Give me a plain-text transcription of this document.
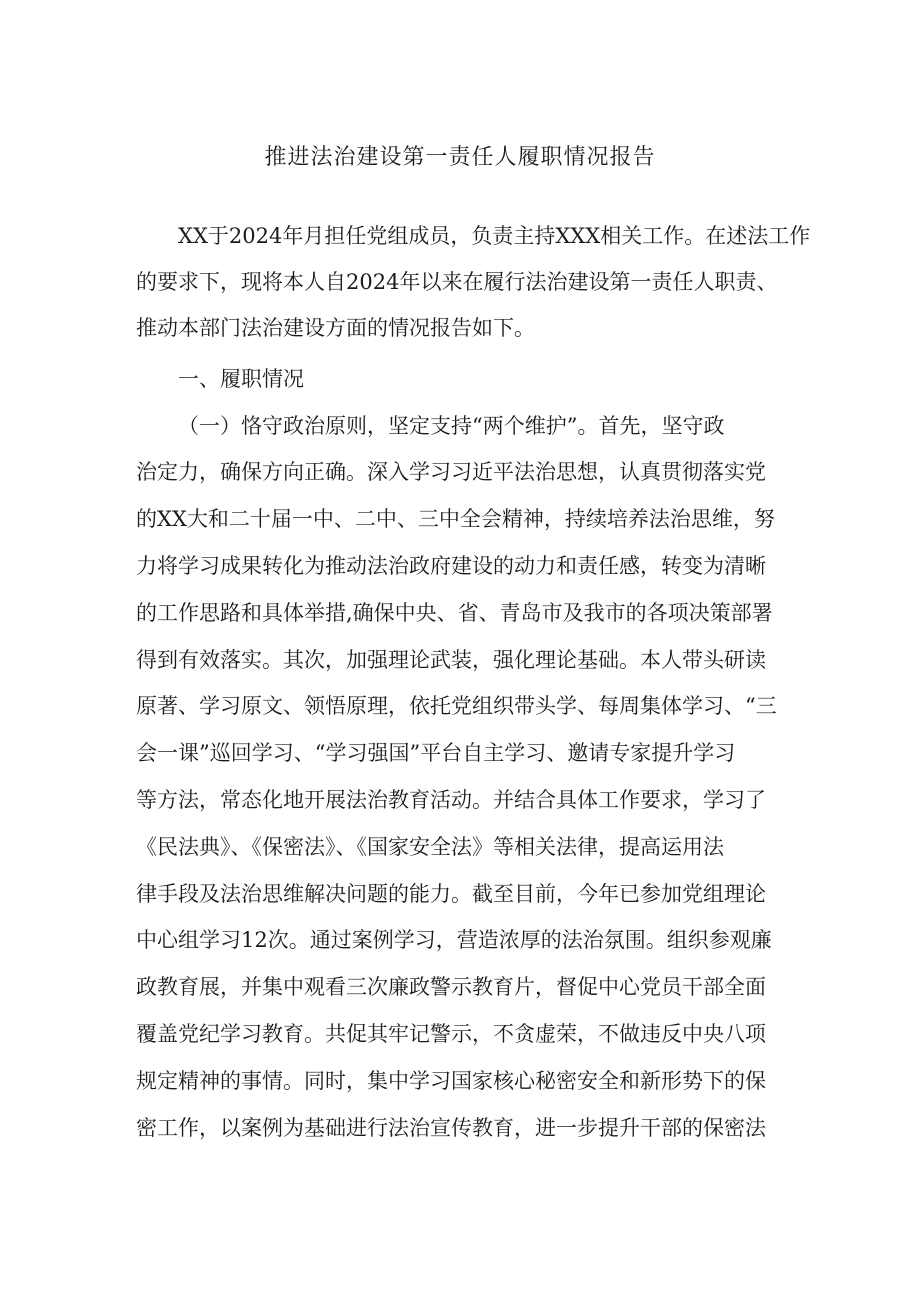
推进法治建设第一责任人履职情况报告

XX于2024年月担任党组成员，负责主持XXX相关工作。在述法工作

的要求下，现将本人自2024年以来在履行法治建设第一责任人职责、

推动本部门法治建设方面的情况报告如下。

一、履职情况

（一）恪守政治原则，坚定支持“两个维护”。首先，坚守政

治定力，确保方向正确。深入学习习近平法治思想，认真贯彻落实党

的XX大和二十届一中、二中、三中全会精神，持续培养法治思维，努

力将学习成果转化为推动法治政府建设的动力和责任感，转变为清晰

的工作思路和具体举措,确保中央、省、青岛市及我市的各项决策部署

得到有效落实。其次，加强理论武装，强化理论基础。本人带头研读

原著、学习原文、领悟原理，依托党组织带头学、每周集体学习、“三

会一课”巡回学习、“学习强国”平台自主学习、邀请专家提升学习

等方法，常态化地开展法治教育活动。并结合具体工作要求，学习了

《民法典》、《保密法》、《国家安全法》等相关法律，提高运用法

律手段及法治思维解决问题的能力。截至目前，今年已参加党组理论

中心组学习12次。通过案例学习，营造浓厚的法治氛围。组织参观廉

政教育展，并集中观看三次廉政警示教育片，督促中心党员干部全面

覆盖党纪学习教育。共促其牢记警示，不贪虚荣，不做违反中央八项

规定精神的事情。同时，集中学习国家核心秘密安全和新形势下的保

密工作，以案例为基础进行法治宣传教育，进一步提升干部的保密法
